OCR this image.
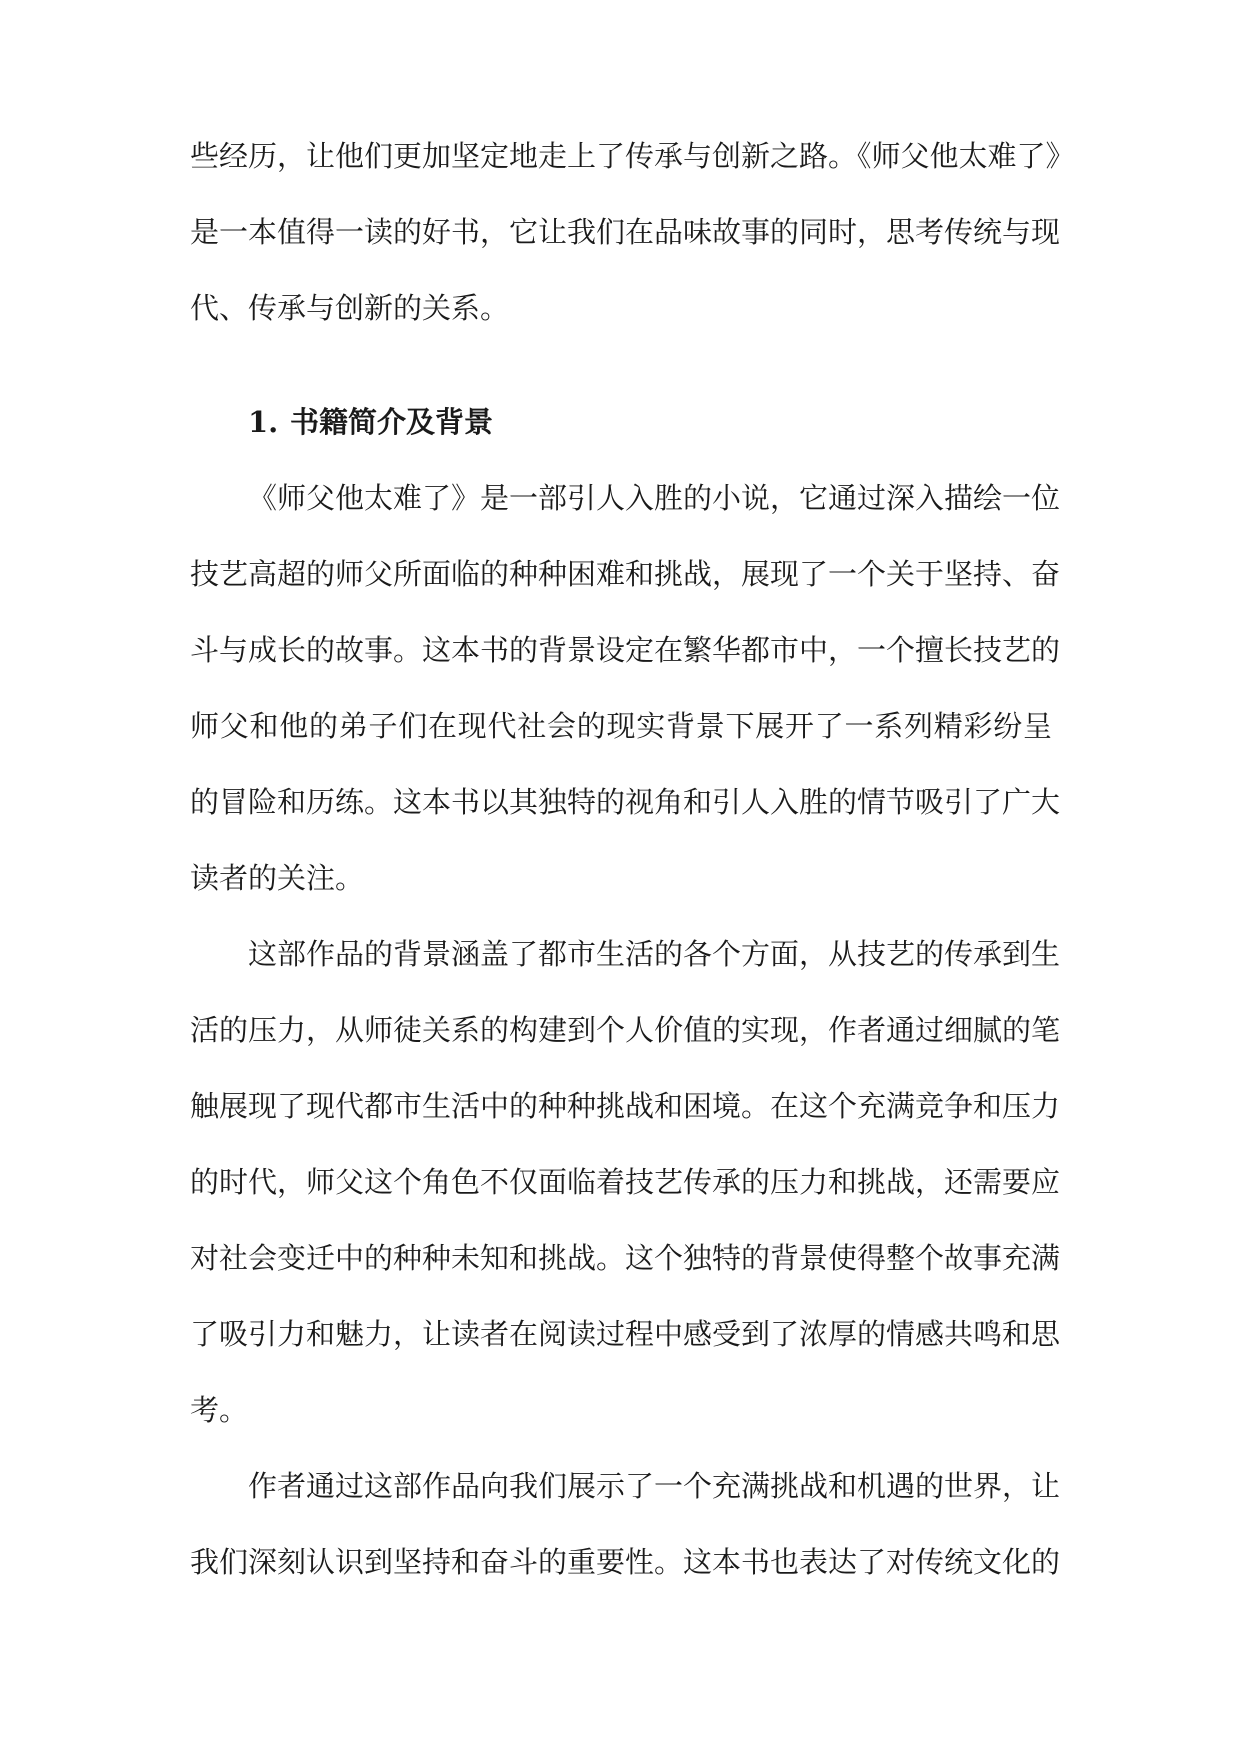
些经历，让他们更加坚定地走上了传承与创新之路。《师父他太难了》
是一本值得一读的好书，它让我们在品味故事的同时，思考传统与现
代、传承与创新的关系。
1. 书籍简介及背景
《师父他太难了》是一部引人入胜的小说，它通过深入描绘一位
技艺高超的师父所面临的种种困难和挑战，展现了一个关于坚持、奋
斗与成长的故事。这本书的背景设定在繁华都市中，一个擅长技艺的
师父和他的弟子们在现代社会的现实背景下展开了一系列精彩纷呈
的冒险和历练。这本书以其独特的视角和引人入胜的情节吸引了广大
读者的关注。
这部作品的背景涵盖了都市生活的各个方面，从技艺的传承到生
活的压力，从师徒关系的构建到个人价值的实现，作者通过细腻的笔
触展现了现代都市生活中的种种挑战和困境。在这个充满竞争和压力
的时代，师父这个角色不仅面临着技艺传承的压力和挑战，还需要应
对社会变迁中的种种未知和挑战。这个独特的背景使得整个故事充满
了吸引力和魅力，让读者在阅读过程中感受到了浓厚的情感共鸣和思
考。
作者通过这部作品向我们展示了一个充满挑战和机遇的世界，让
我们深刻认识到坚持和奋斗的重要性。这本书也表达了对传统文化的
